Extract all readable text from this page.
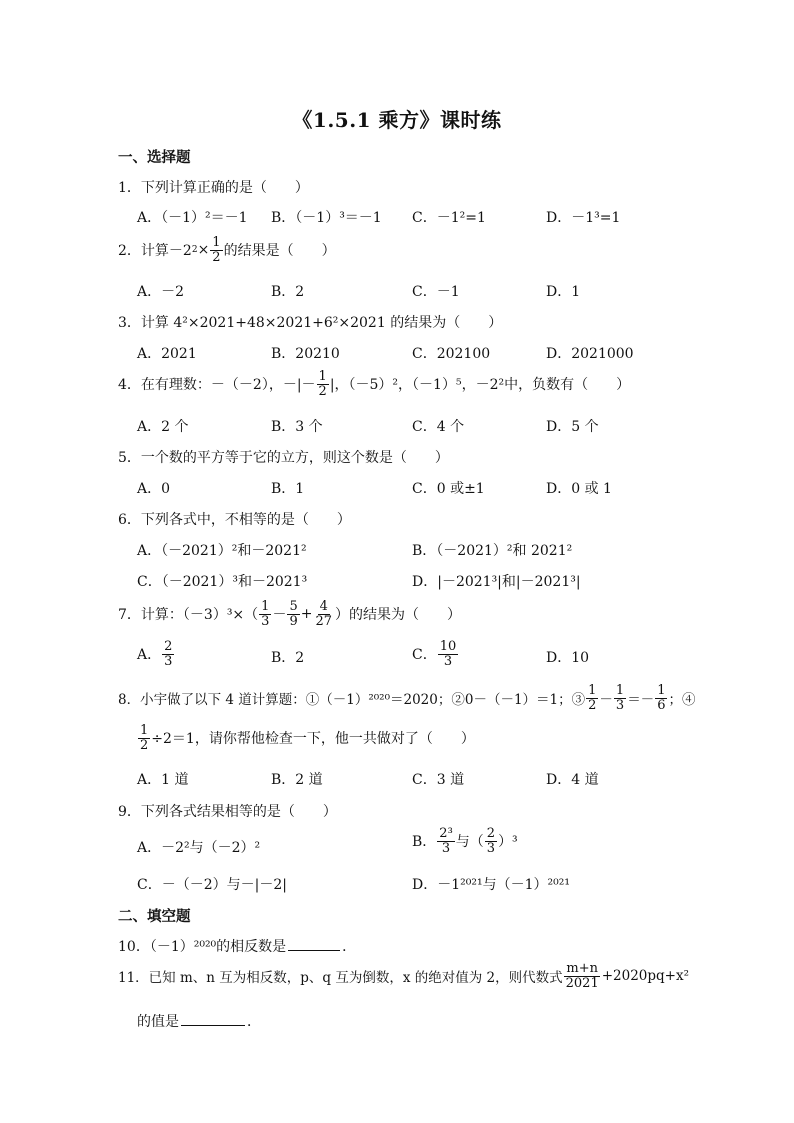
《1.5.1 乘方》课时练
一、选择题
1．下列计算正确的是（　　）
A．（－1）²＝－1 B．（－1）³＝－1 C．－1²=1	D．－1³=1
2．计算－2 $2 \times \frac{1}{2}$ 的结果是（　　）
A．－2	B．2	C．－1	D．1
3．计算 4²×2021+48×2021+6²×2021 的结果为（　　）
A．2021	B．20210	C．202100	D．2021000
4．在有理数：－（－2），－|－ $\frac{1}{2}$ |，（－5）²，（－1）⁵，－2²中，负数有（　　）
A．2 个	B．3 个	C．4 个	D．5 个
5．一个数的平方等于它的立方，则这个数是（　　）
A．0	B．1	C．0 或±1	D．0 或 1
6．下列各式中，不相等的是（　　）
A．（－2021）²和－2021²	B．（－2021）²和 2021²
C．（－2021）³和－2021³	D．|－2021³|和|－2021³|
7．计算：$(-3)^3\times( \frac{1}{3} - \frac{5}{9} + \frac{4}{27}$ ）的结果为（　　）
A． $\frac{2}{3}$	B．2	C． $\frac{10}{3}$	D．10
8．小宇做了以下 4 道计算题：①（－1）²⁰²⁰＝2020；②0－（－1）＝1；③ $\frac{1}{2} - \frac{1}{3} =- \frac{1}{6}$ ；④
$\frac{1}{2} \div 2=1$，请你帮他检查一下，他一共做对了（　　）
A．1 道	B．2 道	C．3 道	D．4 道
9．下列各式结果相等的是（　　）
A．－2²与（－2）²	B． $\frac{\text{2³}}{3}$ 与（ $\frac{2}{3} )^3$
C．－（－2）与－|－2|	D．－1²⁰²¹与（－1）²⁰²¹
二、填空题
10．（－1）²⁰²⁰的相反数是	．
11．已知 m、n 互为相反数，p、q 互为倒数，x 的绝对值为 2，则代数式 $\frac{m+n}{2021} +2020pq+x^2$
的值是	．
